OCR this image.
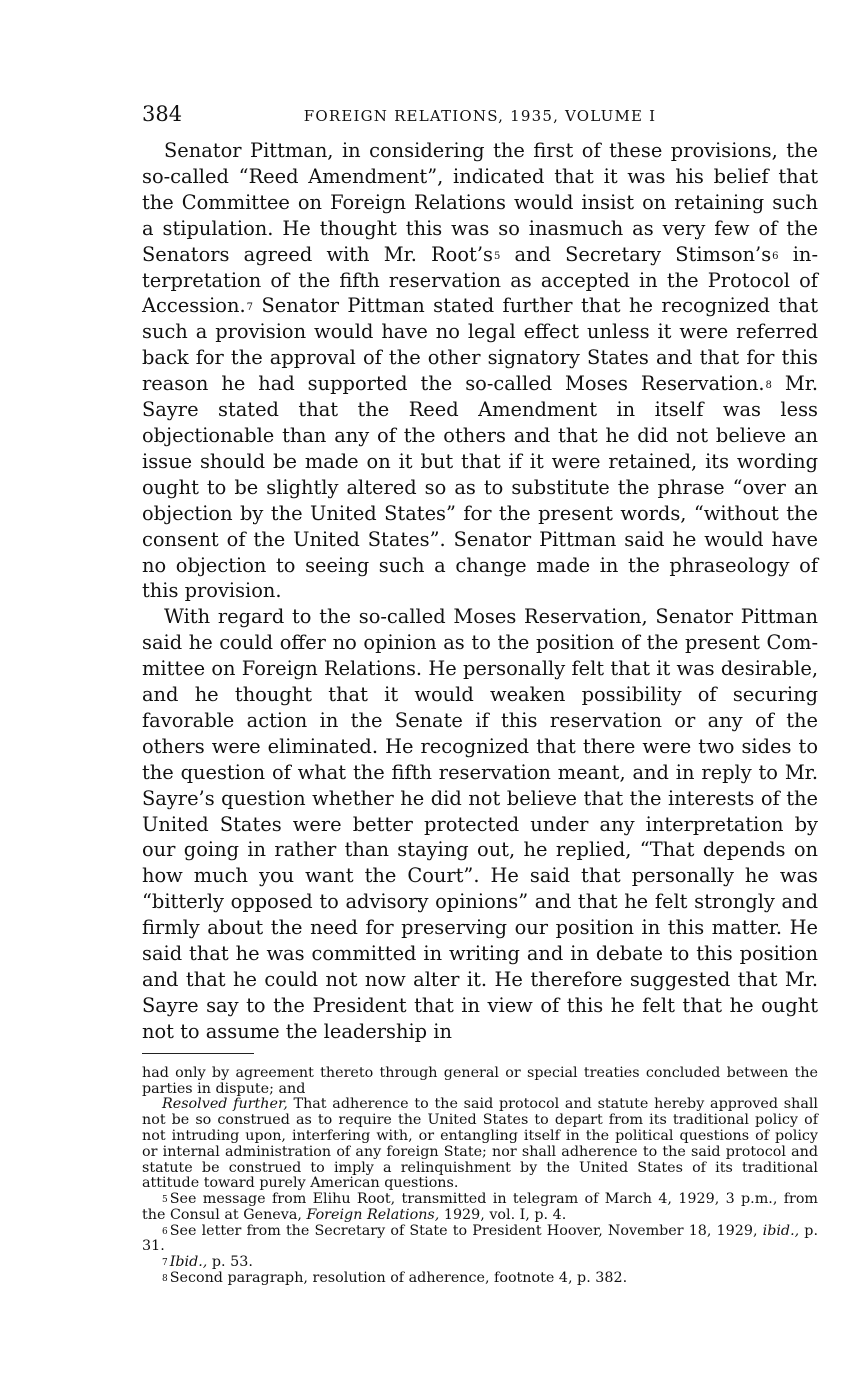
384	FOREIGN RELATIONS, 1935, VOLUME I

Senator Pittman, in considering the first of these provisions, the so-called “Reed Amendment”, indicated that it was his belief that the Committee on Foreign Relations would insist on retaining such a stipulation. He thought this was so inasmuch as very few of the Senators agreed with Mr. Root’s$^5$ and Secretary Stimson’s$^6$ interpretation of the fifth reservation as accepted in the Protocol of Accession.$^7$ Senator Pittman stated further that he recognized that such a provision would have no legal effect unless it were referred back for the approval of the other signatory States and that for this reason he had supported the so-called Moses Reservation.$^8$ Mr. Sayre stated that the Reed Amendment in itself was less objectionable than any of the others and that he did not believe an issue should be made on it but that if it were retained, its wording ought to be slightly altered so as to substitute the phrase “over an objection by the United States” for the present words, “without the consent of the United States”. Senator Pittman said he would have no objection to seeing such a change made in the phraseology of this provision.

With regard to the so-called Moses Reservation, Senator Pittman said he could offer no opinion as to the position of the present Committee on Foreign Relations. He personally felt that it was desirable, and he thought that it would weaken possibility of securing favorable action in the Senate if this reservation or any of the others were eliminated. He recognized that there were two sides to the question of what the fifth reservation meant, and in reply to Mr. Sayre’s question whether he did not believe that the interests of the United States were better protected under any interpretation by our going in rather than staying out, he replied, “That depends on how much you want the Court”. He said that personally he was “bitterly opposed to advisory opinions” and that he felt strongly and firmly about the need for preserving our position in this matter. He said that he was committed in writing and in debate to this position and that he could not now alter it. He therefore suggested that Mr. Sayre say to the President that in view of this he felt that he ought not to assume the leadership in

had only by agreement thereto through general or special treaties concluded between the parties in dispute; and

Resolved further, That adherence to the said protocol and statute hereby approved shall not be so construed as to require the United States to depart from its traditional policy of not intruding upon, interfering with, or entangling itself in the political questions of policy or internal administration of any foreign State; nor shall adherence to the said protocol and statute be construed to imply a relinquishment by the United States of its traditional attitude toward purely American questions.

$^5$ See message from Elihu Root, transmitted in telegram of March 4, 1929, 3 p.m., from the Consul at Geneva, Foreign Relations, 1929, vol. I, p. 4.

$^6$ See letter from the Secretary of State to President Hoover, November 18, 1929, ibid., p. 31.

$^7$ Ibid., p. 53.

$^8$ Second paragraph, resolution of adherence, footnote 4, p. 382.
